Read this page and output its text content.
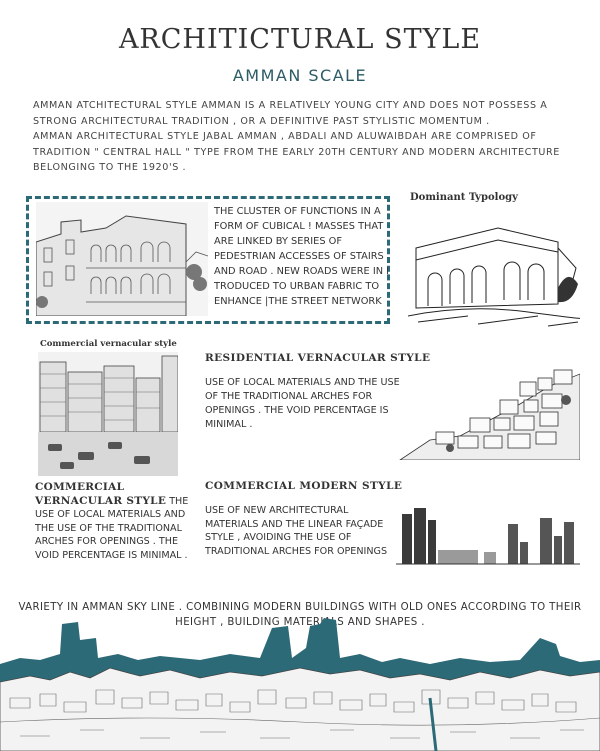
ARCHITICTURAL STYLE
AMMAN SCALE
AMMAN ATCHITECTURAL STYLE AMMAN IS A RELATIVELY YOUNG CITY AND DOES NOT POSSESS A STRONG ARCHITECTURAL TRADITION , OR A DEFINITIVE PAST STYLISTIC MOMENTUM .
AMMAN ARCHITECTURAL STYLE JABAL AMMAN , ABDALI AND ALUWAIBDAH ARE COMPRISED OF TRADITION " CENTRAL HALL " TYPE FROM THE EARLY 20TH CENTURY AND MODERN ARCHITECTURE BELONGING TO THE 1920'S .
THE CLUSTER OF FUNCTIONS IN A FORM OF CUBICAL ! MASSES THAT ARE LINKED BY SERIES OF PEDESTRIAN ACCESSES OF STAIRS AND ROAD . NEW ROADS WERE IN I TRODUCED TO URBAN FABRIC TO ENHANCE |THE STREET NETWORK
Dominant Typology
Commercial vernacular style
RESIDENTIAL VERNACULAR STYLE
USE OF LOCAL MATERIALS AND THE USE OF THE TRADITIONAL ARCHES FOR OPENINGS . THE VOID PERCENTAGE IS MINIMAL .
COMMERCIAL MODERN STYLE
USE OF NEW ARCHITECTURAL MATERIALS AND THE LINEAR FAÇADE STYLE , AVOIDING THE USE OF TRADITIONAL ARCHES FOR OPENINGS
COMMERCIAL VERNACULAR STYLE THE USE OF LOCAL MATERIALS AND THE USE OF THE TRADITIONAL ARCHES FOR OPENINGS . THE VOID PERCENTAGE IS MINIMAL .
VARIETY IN AMMAN SKY LINE . COMBINING MODERN BUILDINGS WITH OLD ONES ACCORDING TO THEIR HEIGHT , BUILDING MATERIALS AND SHAPES .
